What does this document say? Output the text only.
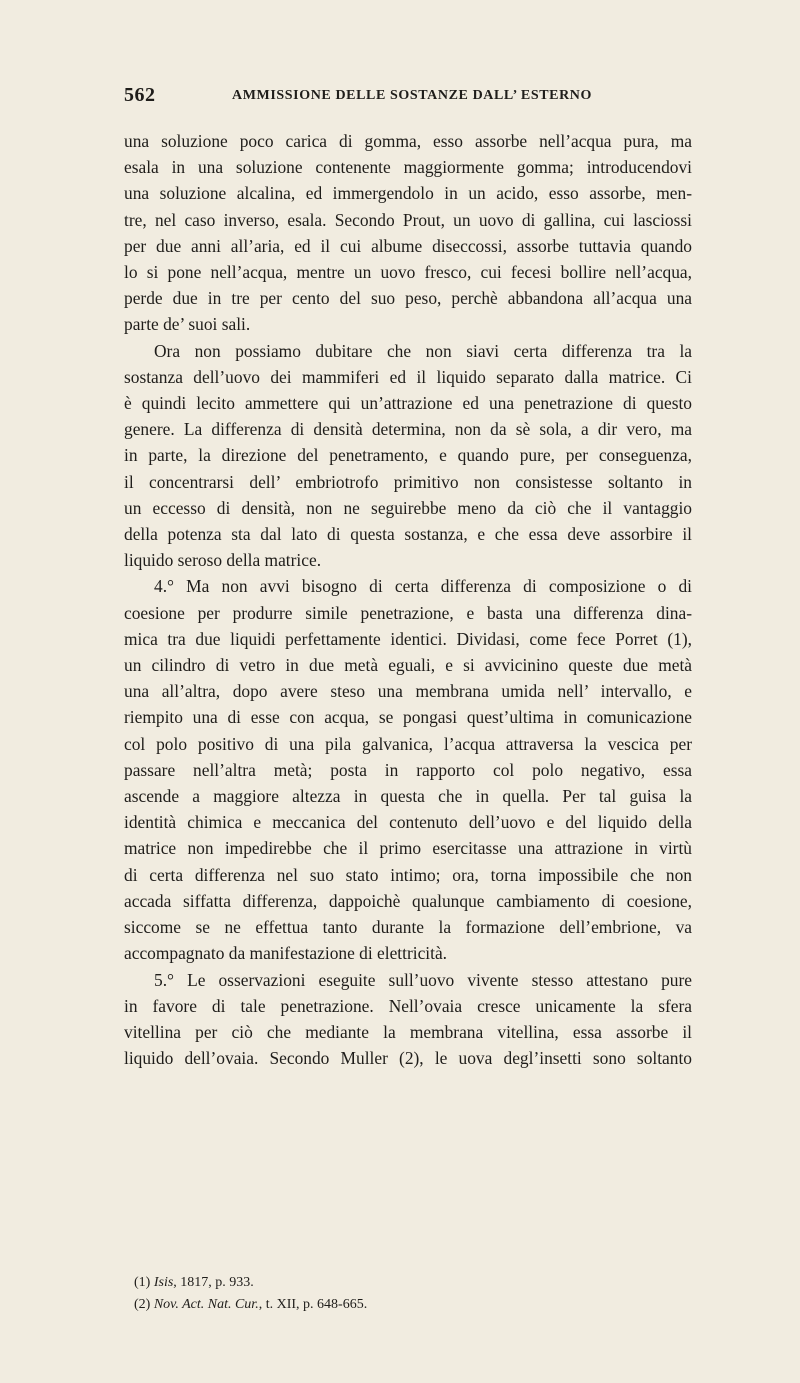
562	AMMISSIONE DELLE SOSTANZE DALL’ ESTERNO

una soluzione poco carica di gomma, esso assorbe nell’acqua pura, ma

esala in una soluzione contenente maggiormente gomma; introducendovi

una soluzione alcalina, ed immergendolo in un acido, esso assorbe, men-

tre, nel caso inverso, esala. Secondo Prout, un uovo di gallina, cui lasciossi

per due anni all’aria, ed il cui albume diseccossi, assorbe tuttavia quando

lo si pone nell’acqua, mentre un uovo fresco, cui fecesi bollire nell’acqua,

perde due in tre per cento del suo peso, perchè abbandona all’acqua una

parte de’ suoi sali.

Ora non possiamo dubitare che non siavi certa differenza tra la

sostanza dell’uovo dei mammiferi ed il liquido separato dalla matrice. Ci

è quindi lecito ammettere qui un’attrazione ed una penetrazione di questo

genere. La differenza di densità determina, non da sè sola, a dir vero, ma

in parte, la direzione del penetramento, e quando pure, per conseguenza,

il concentrarsi dell’ embriotrofo primitivo non consistesse soltanto in

un eccesso di densità, non ne seguirebbe meno da ciò che il vantaggio

della potenza sta dal lato di questa sostanza, e che essa deve assorbire il

liquido seroso della matrice.

4.° Ma non avvi bisogno di certa differenza di composizione o di

coesione per produrre simile penetrazione, e basta una differenza dina-

mica tra due liquidi perfettamente identici. Dividasi, come fece Porret (1),

un cilindro di vetro in due metà eguali, e si avvicinino queste due metà

una all’altra, dopo avere steso una membrana umida nell’ intervallo, e

riempito una di esse con acqua, se pongasi quest’ultima in comunicazione

col polo positivo di una pila galvanica, l’acqua attraversa la vescica per

passare nell’altra metà; posta in rapporto col polo negativo, essa

ascende a maggiore altezza in questa che in quella. Per tal guisa la

identità chimica e meccanica del contenuto dell’uovo e del liquido della

matrice non impedirebbe che il primo esercitasse una attrazione in virtù

di certa differenza nel suo stato intimo; ora, torna impossibile che non

accada siffatta differenza, dappoichè qualunque cambiamento di coesione,

siccome se ne effettua tanto durante la formazione dell’embrione, va

accompagnato da manifestazione di elettricità.

5.° Le osservazioni eseguite sull’uovo vivente stesso attestano pure

in favore di tale penetrazione. Nell’ovaia cresce unicamente la sfera

vitellina per ciò che mediante la membrana vitellina, essa assorbe il

liquido dell’ovaia. Secondo Muller (2), le uova degl’insetti sono soltanto

(1) Isis, 1817, p. 933.

(2) Nov. Act. Nat. Cur., t. XII, p. 648-665.
